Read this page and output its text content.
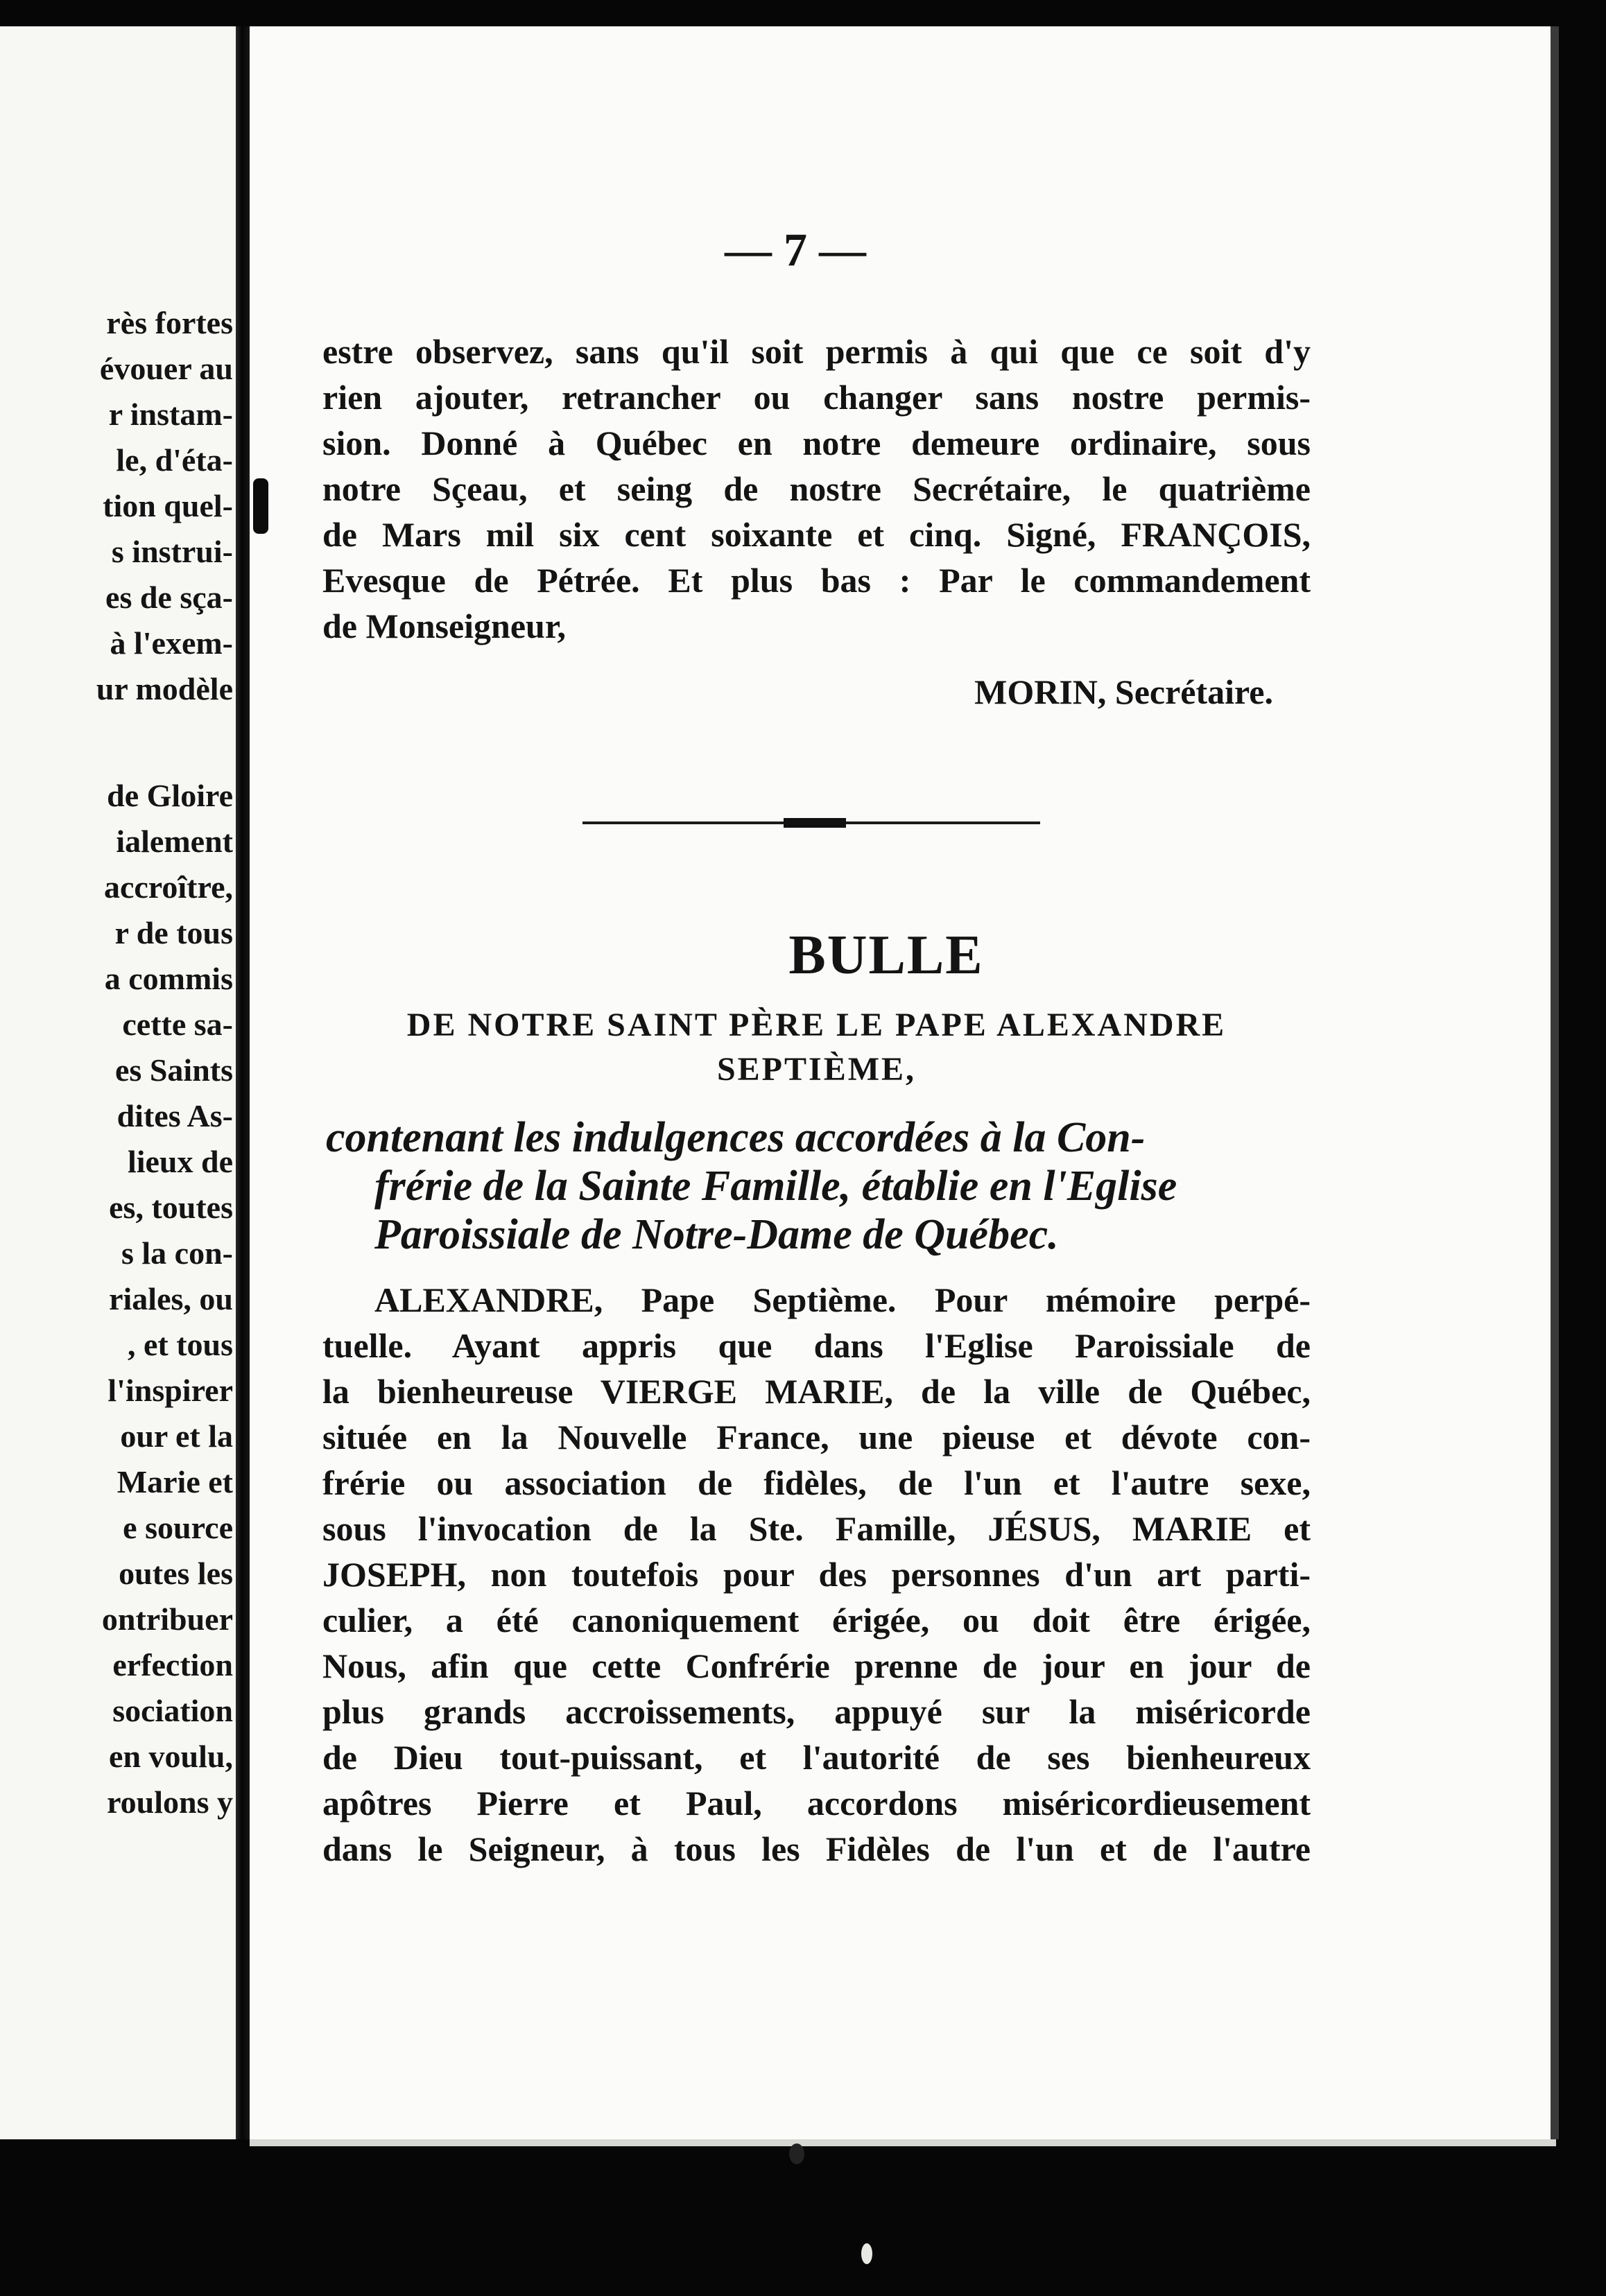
rès fortes

évouer au

r instam-

le, d'éta-

tion quel-

s instrui-

es de sça-

à l'exem-

ur modèle

de Gloire

ialement

accroître,

r de tous

a commis

cette sa-

es Saints

dites As-

lieux de

es, toutes

s la con-

riales, ou

, et tous

l'inspirer

our et la

Marie et

e source

outes les

ontribuer

erfection

sociation

en voulu,

roulons y

— 7 —

estre observez, sans qu'il soit permis à qui que ce soit d'y

rien ajouter, retrancher ou changer sans nostre permis-

sion. Donné à Québec en notre demeure ordinaire, sous

notre Sçeau, et seing de nostre Secrétaire, le quatrième

de Mars mil six cent soixante et cinq. Signé, FRANÇOIS,

Evesque de Pétrée. Et plus bas : Par le commandement

de Monseigneur,

MORIN, Secrétaire.

BULLE

DE NOTRE SAINT PÈRE LE PAPE ALEXANDRE

SEPTIÈME,

contenant les indulgences accordées à la Con-

frérie de la Sainte Famille, établie en l'Eglise

Paroissiale de Notre-Dame de Québec.

ALEXANDRE, Pape Septième. Pour mémoire perpé-

tuelle. Ayant appris que dans l'Eglise Paroissiale de

la bienheureuse VIERGE MARIE, de la ville de Québec,

située en la Nouvelle France, une pieuse et dévote con-

frérie ou association de fidèles, de l'un et l'autre sexe,

sous l'invocation de la Ste. Famille, JÉSUS, MARIE et

JOSEPH, non toutefois pour des personnes d'un art parti-

culier, a été canoniquement érigée, ou doit être érigée,

Nous, afin que cette Confrérie prenne de jour en jour de

plus grands accroissements, appuyé sur la miséricorde

de Dieu tout-puissant, et l'autorité de ses bienheureux

apôtres Pierre et Paul, accordons miséricordieusement

dans le Seigneur, à tous les Fidèles de l'un et de l'autre
